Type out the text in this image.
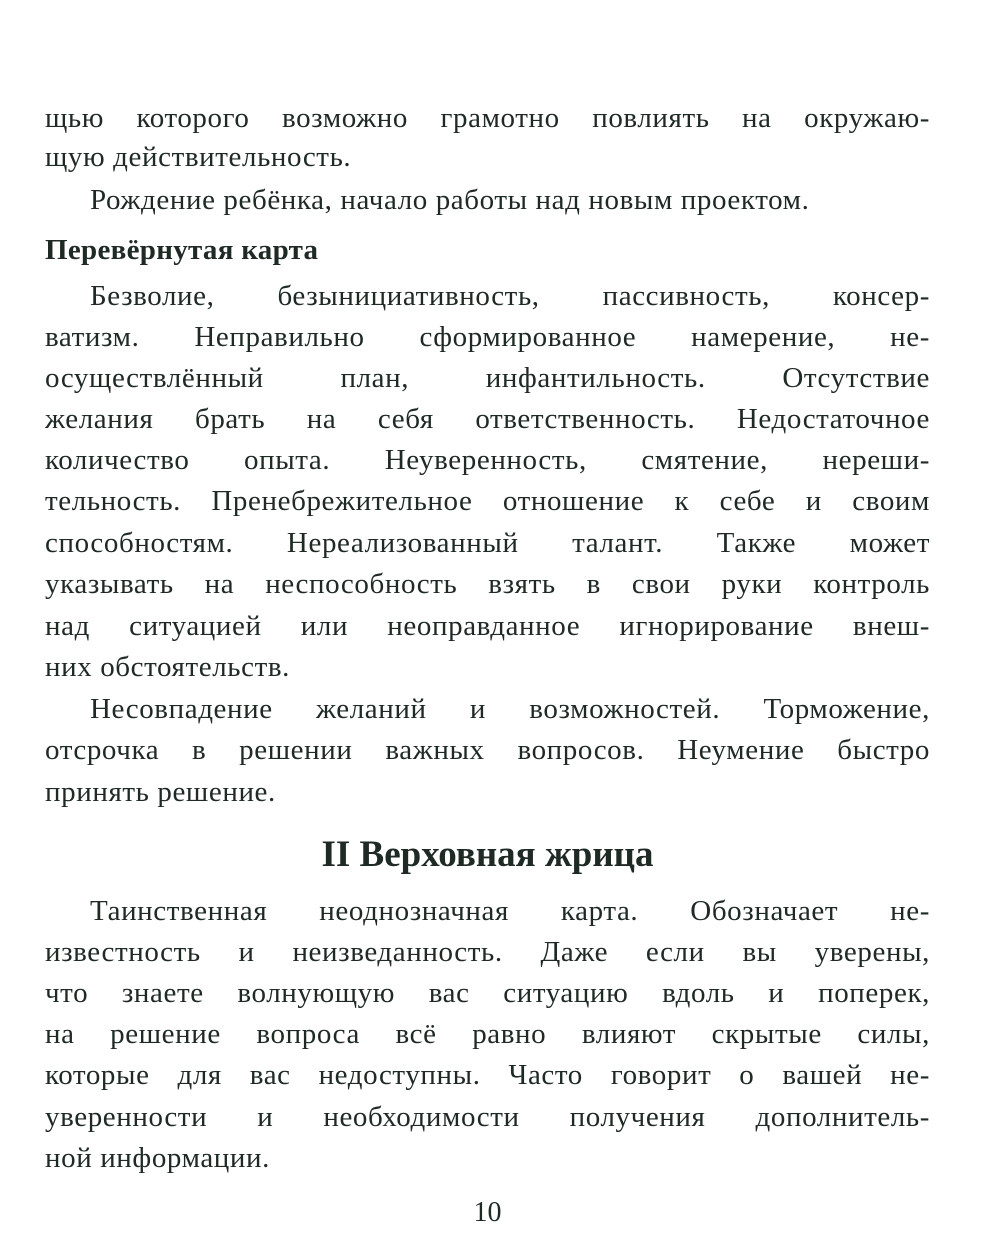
щью которого возможно грамотно повлиять на окружаю-
щую действительность.
Рождение ребёнка, начало работы над новым проектом.
Перевёрнутая карта
Безволие, безынициативность, пассивность, консер-
ватизм. Неправильно сформированное намерение, не-
осуществлённый план, инфантильность. Отсутствие
желания брать на себя ответственность. Недостаточное
количество опыта. Неуверенность, смятение, нереши-
тельность. Пренебрежительное отношение к себе и своим
способностям. Нереализованный талант. Также может
указывать на неспособность взять в свои руки контроль
над ситуацией или неоправданное игнорирование внеш-
них обстоятельств.
Несовпадение желаний и возможностей. Торможение,
отсрочка в решении важных вопросов. Неумение быстро
принять решение.
II Верховная жрица
Таинственная неоднозначная карта. Обозначает не-
известность и неизведанность. Даже если вы уверены,
что знаете волнующую вас ситуацию вдоль и поперек,
на решение вопроса всё равно влияют скрытые силы,
которые для вас недоступны. Часто говорит о вашей не-
уверенности и необходимости получения дополнитель-
ной информации.
10
